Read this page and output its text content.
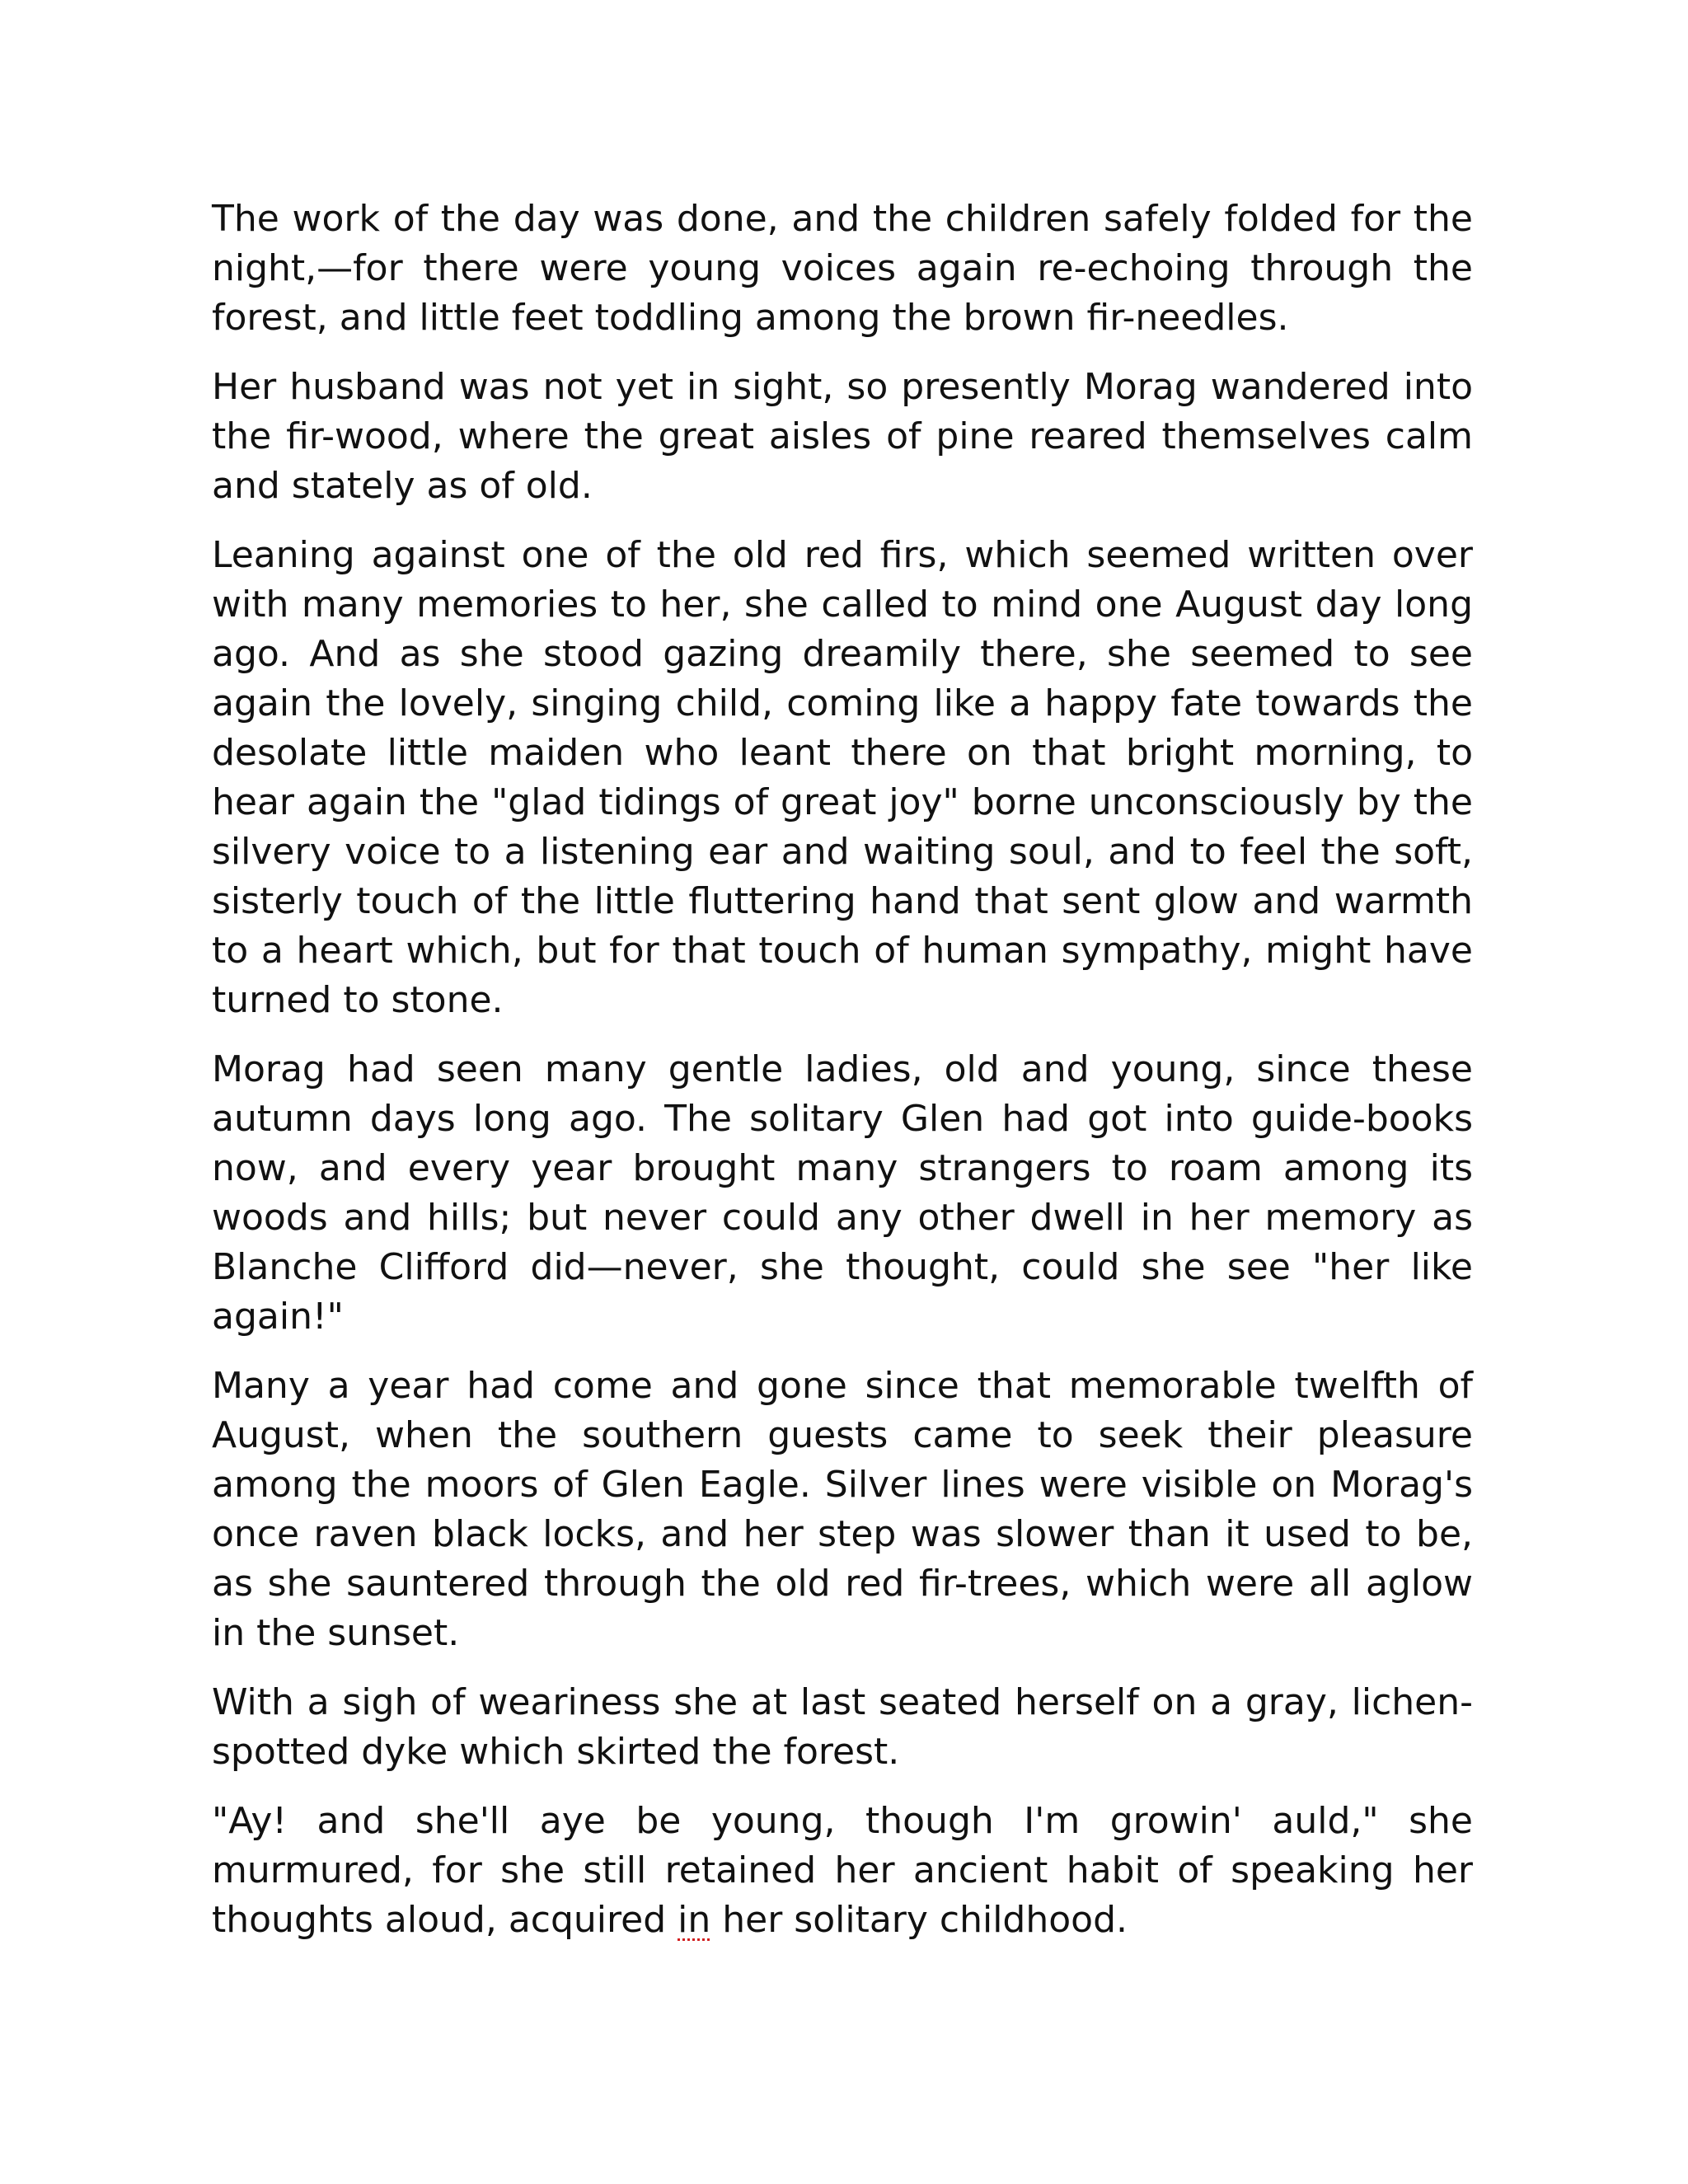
The work of the day was done, and the children safely folded for the night,—for there were young voices again re-echoing through the forest, and little feet toddling among the brown fir-needles.

Her husband was not yet in sight, so presently Morag wandered into the fir-wood, where the great aisles of pine reared themselves calm and stately as of old.

Leaning against one of the old red firs, which seemed written over with many memories to her, she called to mind one August day long ago. And as she stood gazing dreamily there, she seemed to see again the lovely, singing child, coming like a happy fate towards the desolate little maiden who leant there on that bright morning, to hear again the "glad tidings of great joy" borne unconsciously by the silvery voice to a listening ear and waiting soul, and to feel the soft, sisterly touch of the little fluttering hand that sent glow and warmth to a heart which, but for that touch of human sympathy, might have turned to stone.

Morag had seen many gentle ladies, old and young, since these autumn days long ago. The solitary Glen had got into guide-books now, and every year brought many strangers to roam among its woods and hills; but never could any other dwell in her memory as Blanche Clifford did—never, she thought, could she see "her like again!"

Many a year had come and gone since that memorable twelfth of August, when the southern guests came to seek their pleasure among the moors of Glen Eagle. Silver lines were visible on Morag's once raven black locks, and her step was slower than it used to be, as she sauntered through the old red fir-trees, which were all aglow in the sunset.

With a sigh of weariness she at last seated herself on a gray, lichen-spotted dyke which skirted the forest.

"Ay! and she'll aye be young, though I'm growin' auld," she murmured, for she still retained her ancient habit of speaking her thoughts aloud, acquired in her solitary childhood.
